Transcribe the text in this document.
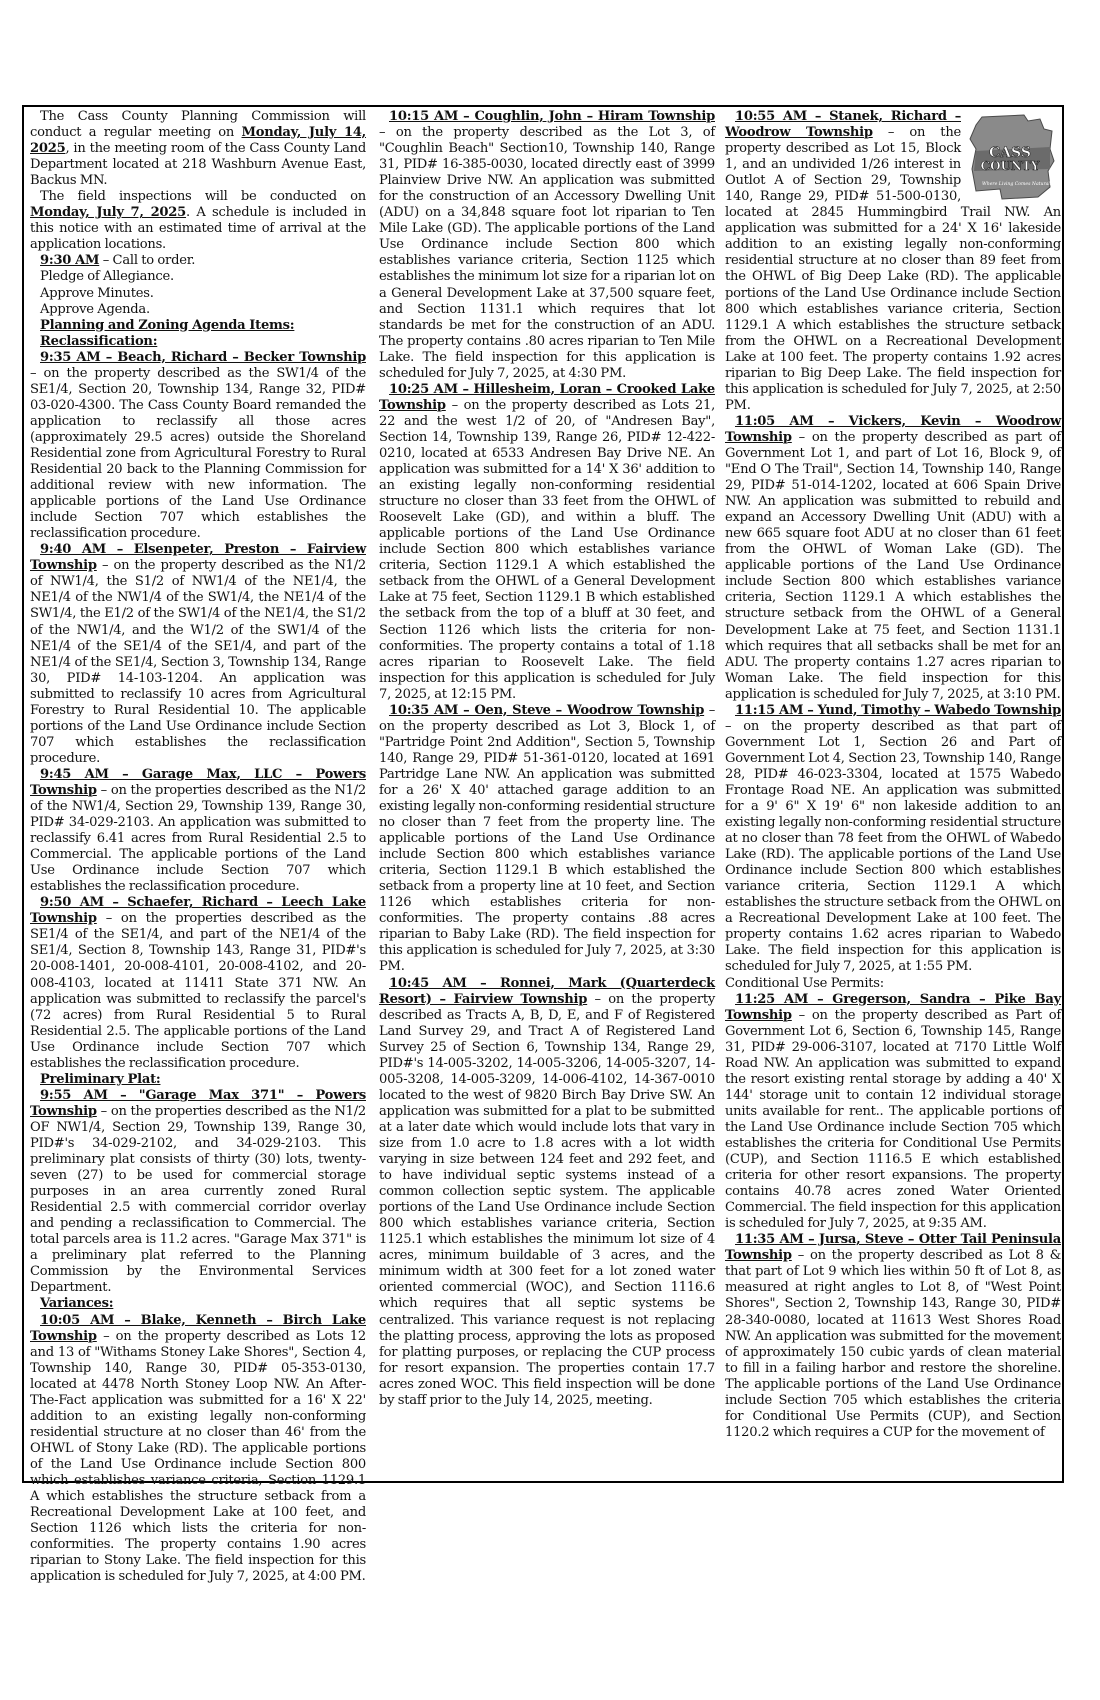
The Cass County Planning Commission will conduct a regular meeting on Monday, July 14, 2025, in the meeting room of the Cass County Land Department located at 218 Washburn Avenue East, Backus MN.

The field inspections will be conducted on Monday, July 7, 2025. A schedule is included in this notice with an estimated time of arrival at the application locations.

9:30 AM – Call to order.

Pledge of Allegiance.

Approve Minutes.

Approve Agenda.

Planning and Zoning Agenda Items:

Reclassification:

9:35 AM – Beach, Richard – Becker Township – on the property described as the SW1/4 of the SE1/4, Section 20, Township 134, Range 32, PID# 03-020-4300. The Cass County Board remanded the application to reclassify all those acres (approximately 29.5 acres) outside the Shoreland Residential zone from Agricultural Forestry to Rural Residential 20 back to the Planning Commission for additional review with new information. The applicable portions of the Land Use Ordinance include Section 707 which establishes the reclassification procedure.

9:40 AM – Elsenpeter, Preston – Fairview Township – on the property described as the N1/2 of NW1/4, the S1/2 of NW1/4 of the NE1/4, the NE1/4 of the NW1/4 of the SW1/4, the NE1/4 of the SW1/4, the E1/2 of the SW1/4 of the NE1/4, the S1/2 of the NW1/4, and the W1/2 of the SW1/4 of the NE1/4 of the SE1/4 of the SE1/4, and part of the NE1/4 of the SE1/4, Section 3, Township 134, Range 30, PID# 14-103-1204. An application was submitted to reclassify 10 acres from Agricultural Forestry to Rural Residential 10. The applicable portions of the Land Use Ordinance include Section 707 which establishes the reclassification procedure.

9:45 AM – Garage Max, LLC – Powers Township – on the properties described as the N1/2 of the NW1/4, Section 29, Township 139, Range 30, PID# 34-029-2103. An application was submitted to reclassify 6.41 acres from Rural Residential 2.5 to Commercial. The applicable portions of the Land Use Ordinance include Section 707 which establishes the reclassification procedure.

9:50 AM – Schaefer, Richard – Leech Lake Township – on the properties described as the SE1/4 of the SE1/4, and part of the NE1/4 of the SE1/4, Section 8, Township 143, Range 31, PID#'s 20-008-1401, 20-008-4101, 20-008-4102, and 20-008-4103, located at 11411 State 371 NW. An application was submitted to reclassify the parcel's (72 acres) from Rural Residential 5 to Rural Residential 2.5. The applicable portions of the Land Use Ordinance include Section 707 which establishes the reclassification procedure.

Preliminary Plat:

9:55 AM – "Garage Max 371" – Powers Township – on the properties described as the N1/2 OF NW1/4, Section 29, Township 139, Range 30, PID#'s 34-029-2102, and 34-029-2103. This preliminary plat consists of thirty (30) lots, twenty-seven (27) to be used for commercial storage purposes in an area currently zoned Rural Residential 2.5 with commercial corridor overlay and pending a reclassification to Commercial. The total parcels area is 11.2 acres. "Garage Max 371" is a preliminary plat referred to the Planning Commission by the Environmental Services Department.

Variances:

10:05 AM – Blake, Kenneth – Birch Lake Township – on the property described as Lots 12 and 13 of "Withams Stoney Lake Shores", Section 4, Township 140, Range 30, PID# 05-353-0130, located at 4478 North Stoney Loop NW. An After-The-Fact application was submitted for a 16' X 22' addition to an existing legally non-conforming residential structure at no closer than 46' from the OHWL of Stony Lake (RD). The applicable portions of the Land Use Ordinance include Section 800 which establishes variance criteria, Section 1129.1 A which establishes the structure setback from a Recreational Development Lake at 100 feet, and Section 1126 which lists the criteria for non-conformities. The property contains 1.90 acres riparian to Stony Lake. The field inspection for this application is scheduled for July 7, 2025, at 4:00 PM.

10:15 AM – Coughlin, John – Hiram Township – on the property described as the Lot 3, of "Coughlin Beach" Section10, Township 140, Range 31, PID# 16-385-0030, located directly east of 3999 Plainview Drive NW. An application was submitted for the construction of an Accessory Dwelling Unit (ADU) on a 34,848 square foot lot riparian to Ten Mile Lake (GD). The applicable portions of the Land Use Ordinance include Section 800 which establishes variance criteria, Section 1125 which establishes the minimum lot size for a riparian lot on a General Development Lake at 37,500 square feet, and Section 1131.1 which requires that lot standards be met for the construction of an ADU. The property contains .80 acres riparian to Ten Mile Lake. The field inspection for this application is scheduled for July 7, 2025, at 4:30 PM.

10:25 AM – Hillesheim, Loran – Crooked Lake Township – on the property described as Lots 21, 22 and the west 1/2 of 20, of "Andresen Bay", Section 14, Township 139, Range 26, PID# 12-422-0210, located at 6533 Andresen Bay Drive NE. An application was submitted for a 14' X 36' addition to an existing legally non-conforming residential structure no closer than 33 feet from the OHWL of Roosevelt Lake (GD), and within a bluff. The applicable portions of the Land Use Ordinance include Section 800 which establishes variance criteria, Section 1129.1 A which established the setback from the OHWL of a General Development Lake at 75 feet, Section 1129.1 B which established the setback from the top of a bluff at 30 feet, and Section 1126 which lists the criteria for non-conformities. The property contains a total of 1.18 acres riparian to Roosevelt Lake. The field inspection for this application is scheduled for July 7, 2025, at 12:15 PM.

10:35 AM – Oen, Steve – Woodrow Township – on the property described as Lot 3, Block 1, of "Partridge Point 2nd Addition", Section 5, Township 140, Range 29, PID# 51-361-0120, located at 1691 Partridge Lane NW. An application was submitted for a 26' X 40' attached garage addition to an existing legally non-conforming residential structure no closer than 7 feet from the property line. The applicable portions of the Land Use Ordinance include Section 800 which establishes variance criteria, Section 1129.1 B which established the setback from a property line at 10 feet, and Section 1126 which establishes criteria for non-conformities. The property contains .88 acres riparian to Baby Lake (RD). The field inspection for this application is scheduled for July 7, 2025, at 3:30 PM.

10:45 AM – Ronnei, Mark (Quarterdeck Resort) – Fairview Township – on the property described as Tracts A, B, D, E, and F of Registered Land Survey 29, and Tract A of Registered Land Survey 25 of Section 6, Township 134, Range 29, PID#'s 14-005-3202, 14-005-3206, 14-005-3207, 14-005-3208, 14-005-3209, 14-006-4102, 14-367-0010 located to the west of 9820 Birch Bay Drive SW. An application was submitted for a plat to be submitted at a later date which would include lots that vary in size from 1.0 acre to 1.8 acres with a lot width varying in size between 124 feet and 292 feet, and to have individual septic systems instead of a common collection septic system. The applicable portions of the Land Use Ordinance include Section 800 which establishes variance criteria, Section 1125.1 which establishes the minimum lot size of 4 acres, minimum buildable of 3 acres, and the minimum width at 300 feet for a lot zoned water oriented commercial (WOC), and Section 1116.6 which requires that all septic systems be centralized. This variance request is not replacing the platting process, approving the lots as proposed for platting purposes, or replacing the CUP process for resort expansion. The properties contain 17.7 acres zoned WOC. This field inspection will be done by staff prior to the July 14, 2025, meeting.

10:55 AM – Stanek, Richard – Woodrow Township – on the property described as Lot 15, Block 1, and an undivided 1/26 interest in Outlot A of Section 29, Township 140, Range 29, PID# 51-500-0130, located at 2845 Hummingbird Trail NW. An application was submitted for a 24' X 16' lakeside addition to an existing legally non-conforming residential structure at no closer than 89 feet from the OHWL of Big Deep Lake (RD). The applicable portions of the Land Use Ordinance include Section 800 which establishes variance criteria, Section 1129.1 A which establishes the structure setback from the OHWL on a Recreational Development Lake at 100 feet. The property contains 1.92 acres riparian to Big Deep Lake. The field inspection for this application is scheduled for July 7, 2025, at 2:50 PM.

11:05 AM – Vickers, Kevin – Woodrow Township – on the property described as part of Government Lot 1, and part of Lot 16, Block 9, of "End O The Trail", Section 14, Township 140, Range 29, PID# 51-014-1202, located at 606 Spain Drive NW. An application was submitted to rebuild and expand an Accessory Dwelling Unit (ADU) with a new 665 square foot ADU at no closer than 61 feet from the OHWL of Woman Lake (GD). The applicable portions of the Land Use Ordinance include Section 800 which establishes variance criteria, Section 1129.1 A which establishes the structure setback from the OHWL of a General Development Lake at 75 feet, and Section 1131.1 which requires that all setbacks shall be met for an ADU. The property contains 1.27 acres riparian to Woman Lake. The field inspection for this application is scheduled for July 7, 2025, at 3:10 PM.

11:15 AM – Yund, Timothy – Wabedo Township – on the property described as that part of Government Lot 1, Section 26 and Part of Government Lot 4, Section 23, Township 140, Range 28, PID# 46-023-3304, located at 1575 Wabedo Frontage Road NE. An application was submitted for a 9' 6" X 19' 6" non lakeside addition to an existing legally non-conforming residential structure at no closer than 78 feet from the OHWL of Wabedo Lake (RD). The applicable portions of the Land Use Ordinance include Section 800 which establishes variance criteria, Section 1129.1 A which establishes the structure setback from the OHWL on a Recreational Development Lake at 100 feet. The property contains 1.62 acres riparian to Wabedo Lake. The field inspection for this application is scheduled for July 7, 2025, at 1:55 PM.

Conditional Use Permits:

11:25 AM – Gregerson, Sandra – Pike Bay Township – on the property described as Part of Government Lot 6, Section 6, Township 145, Range 31, PID# 29-006-3107, located at 7170 Little Wolf Road NW. An application was submitted to expand the resort existing rental storage by adding a 40' X 144' storage unit to contain 12 individual storage units available for rent.. The applicable portions of the Land Use Ordinance include Section 705 which establishes the criteria for Conditional Use Permits (CUP), and Section 1116.5 E which established criteria for other resort expansions. The property contains 40.78 acres zoned Water Oriented Commercial. The field inspection for this application is scheduled for July 7, 2025, at 9:35 AM.

11:35 AM – Jursa, Steve – Otter Tail Peninsula Township – on the property described as Lot 8 & that part of Lot 9 which lies within 50 ft of Lot 8, as measured at right angles to Lot 8, of "West Point Shores", Section 2, Township 143, Range 30, PID# 28-340-0080, located at 11613 West Shores Road NW. An application was submitted for the movement of approximately 150 cubic yards of clean material to fill in a failing harbor and restore the shoreline. The applicable portions of the Land Use Ordinance include Section 705 which establishes the criteria for Conditional Use Permits (CUP), and Section 1120.2 which requires a CUP for the movement of

CASS
COUNTY
Where Living Comes Naturally
